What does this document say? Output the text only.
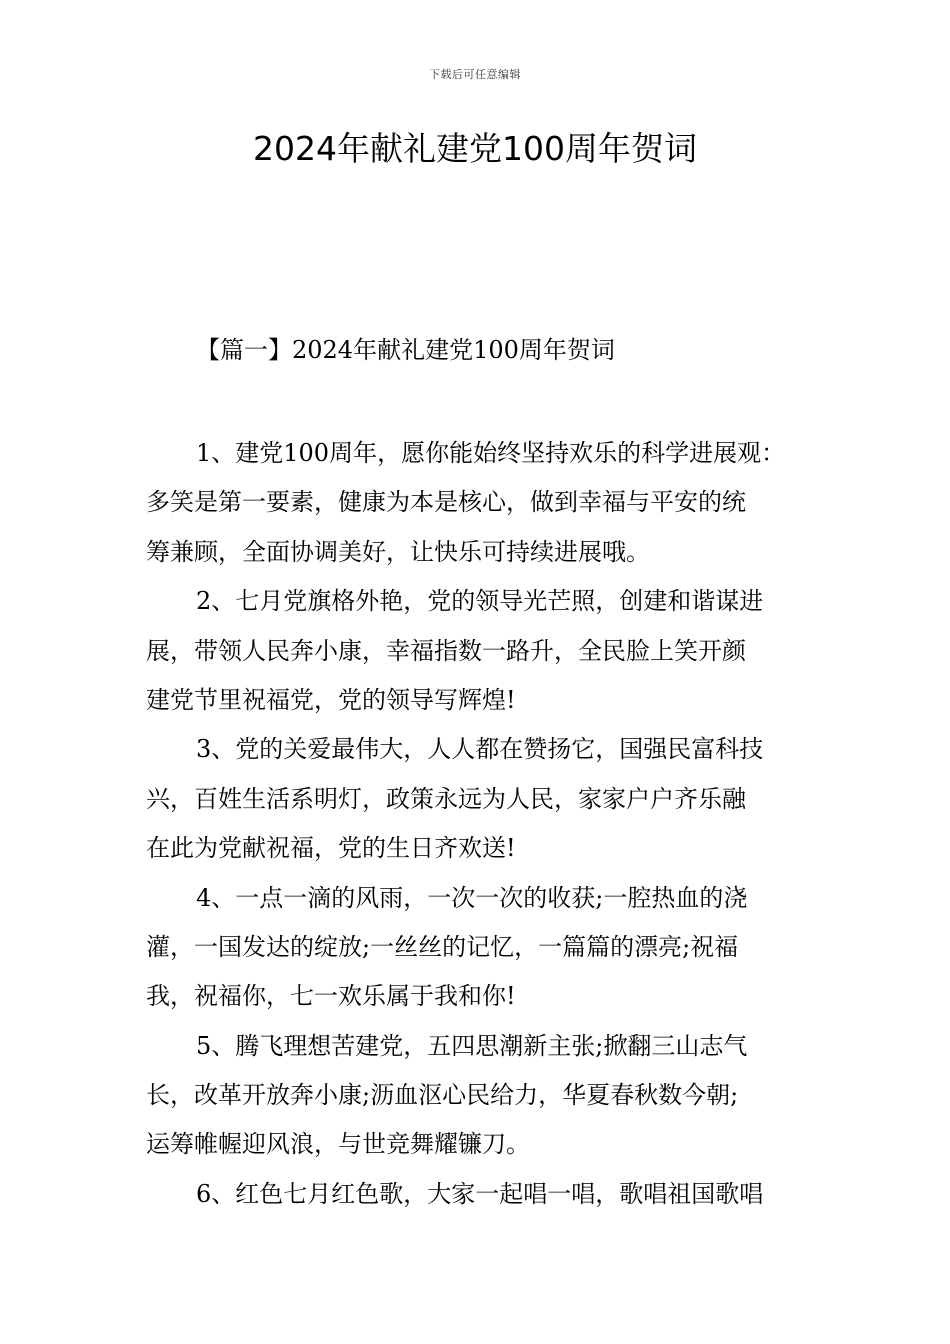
下载后可任意编辑
2024年献礼建党100周年贺词
【篇一】2024年献礼建党100周年贺词
1、建党100周年，愿你能始终坚持欢乐的科学进展观：
多笑是第一要素，健康为本是核心，做到幸福与平安的统
筹兼顾，全面协调美好，让快乐可持续进展哦。
2、七月党旗格外艳，党的领导光芒照，创建和谐谋进
展，带领人民奔小康，幸福指数一路升，全民脸上笑开颜
建党节里祝福党，党的领导写辉煌!
3、党的关爱最伟大，人人都在赞扬它，国强民富科技
兴，百姓生活系明灯，政策永远为人民，家家户户齐乐融
在此为党献祝福，党的生日齐欢送!
4、一点一滴的风雨，一次一次的收获;一腔热血的浇
灌，一国发达的绽放;一丝丝的记忆，一篇篇的漂亮;祝福
我，祝福你，七一欢乐属于我和你!
5、腾飞理想苦建党，五四思潮新主张;掀翻三山志气
长，改革开放奔小康;沥血沤心民给力，华夏春秋数今朝;
运筹帷幄迎风浪，与世竞舞耀镰刀。
6、红色七月红色歌，大家一起唱一唱，歌唱祖国歌唱
